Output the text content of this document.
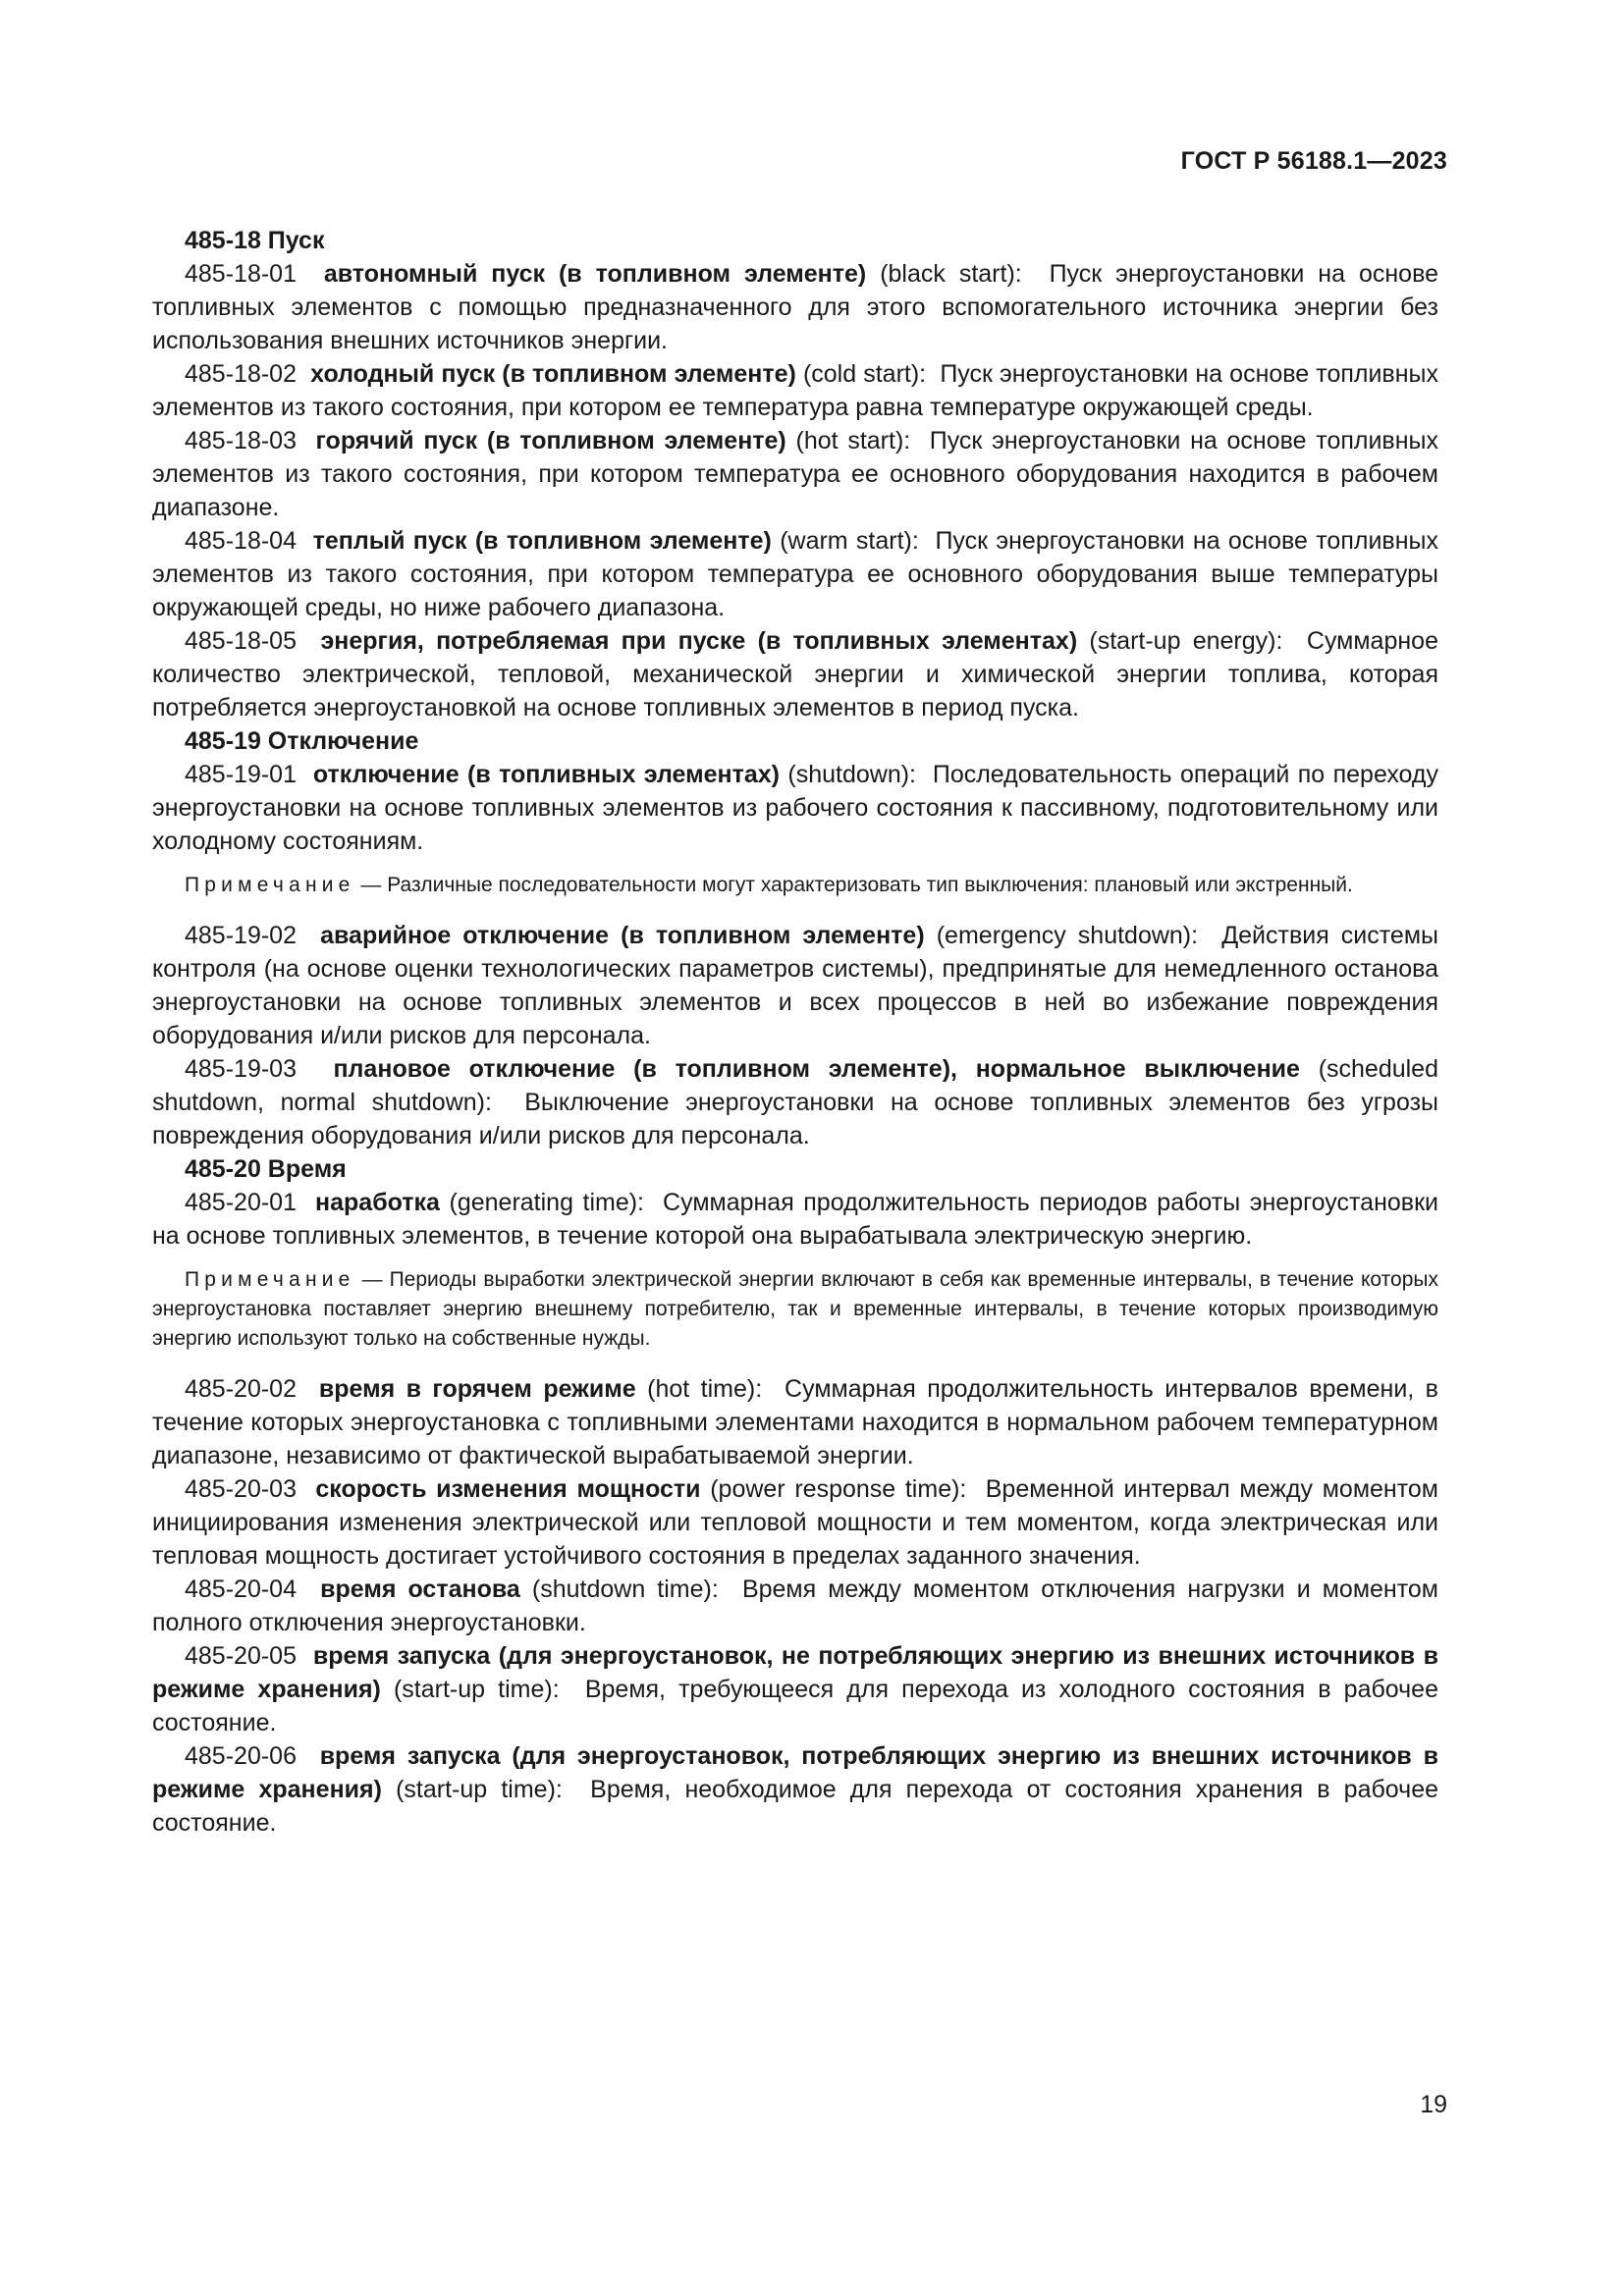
ГОСТ Р 56188.1—2023

485-18 Пуск

485-18-01 автономный пуск (в топливном элементе) (black start): Пуск энергоустановки на основе топливных элементов с помощью предназначенного для этого вспомогательного источника энергии без использования внешних источников энергии.

485-18-02 холодный пуск (в топливном элементе) (cold start): Пуск энергоустановки на основе топливных элементов из такого состояния, при котором ее температура равна температуре окружающей среды.

485-18-03 горячий пуск (в топливном элементе) (hot start): Пуск энергоустановки на основе топливных элементов из такого состояния, при котором температура ее основного оборудования находится в рабочем диапазоне.

485-18-04 теплый пуск (в топливном элементе) (warm start): Пуск энергоустановки на основе топливных элементов из такого состояния, при котором температура ее основного оборудования выше температуры окружающей среды, но ниже рабочего диапазона.

485-18-05 энергия, потребляемая при пуске (в топливных элементах) (start-up energy): Суммарное количество электрической, тепловой, механической энергии и химической энергии топлива, которая потребляется энергоустановкой на основе топливных элементов в период пуска.

485-19 Отключение

485-19-01 отключение (в топливных элементах) (shutdown): Последовательность операций по переходу энергоустановки на основе топливных элементов из рабочего состояния к пассивному, подготовительному или холодному состояниям.

Примечание — Различные последовательности могут характеризовать тип выключения: плановый или экстренный.

485-19-02 аварийное отключение (в топливном элементе) (emergency shutdown): Действия системы контроля (на основе оценки технологических параметров системы), предпринятые для немедленного останова энергоустановки на основе топливных элементов и всех процессов в ней во избежание повреждения оборудования и/или рисков для персонала.

485-19-03 плановое отключение (в топливном элементе), нормальное выключение (scheduled shutdown, normal shutdown): Выключение энергоустановки на основе топливных элементов без угрозы повреждения оборудования и/или рисков для персонала.

485-20 Время

485-20-01 наработка (generating time): Суммарная продолжительность периодов работы энергоустановки на основе топливных элементов, в течение которой она вырабатывала электрическую энергию.

Примечание — Периоды выработки электрической энергии включают в себя как временные интервалы, в течение которых энергоустановка поставляет энергию внешнему потребителю, так и временные интервалы, в течение которых производимую энергию используют только на собственные нужды.

485-20-02 время в горячем режиме (hot time): Суммарная продолжительность интервалов времени, в течение которых энергоустановка с топливными элементами находится в нормальном рабочем температурном диапазоне, независимо от фактической вырабатываемой энергии.

485-20-03 скорость изменения мощности (power response time): Временной интервал между моментом инициирования изменения электрической или тепловой мощности и тем моментом, когда электрическая или тепловая мощность достигает устойчивого состояния в пределах заданного значения.

485-20-04 время останова (shutdown time): Время между моментом отключения нагрузки и моментом полного отключения энергоустановки.

485-20-05 время запуска (для энергоустановок, не потребляющих энергию из внешних источников в режиме хранения) (start-up time): Время, требующееся для перехода из холодного состояния в рабочее состояние.

485-20-06 время запуска (для энергоустановок, потребляющих энергию из внешних источников в режиме хранения) (start-up time): Время, необходимое для перехода от состояния хранения в рабочее состояние.

19
